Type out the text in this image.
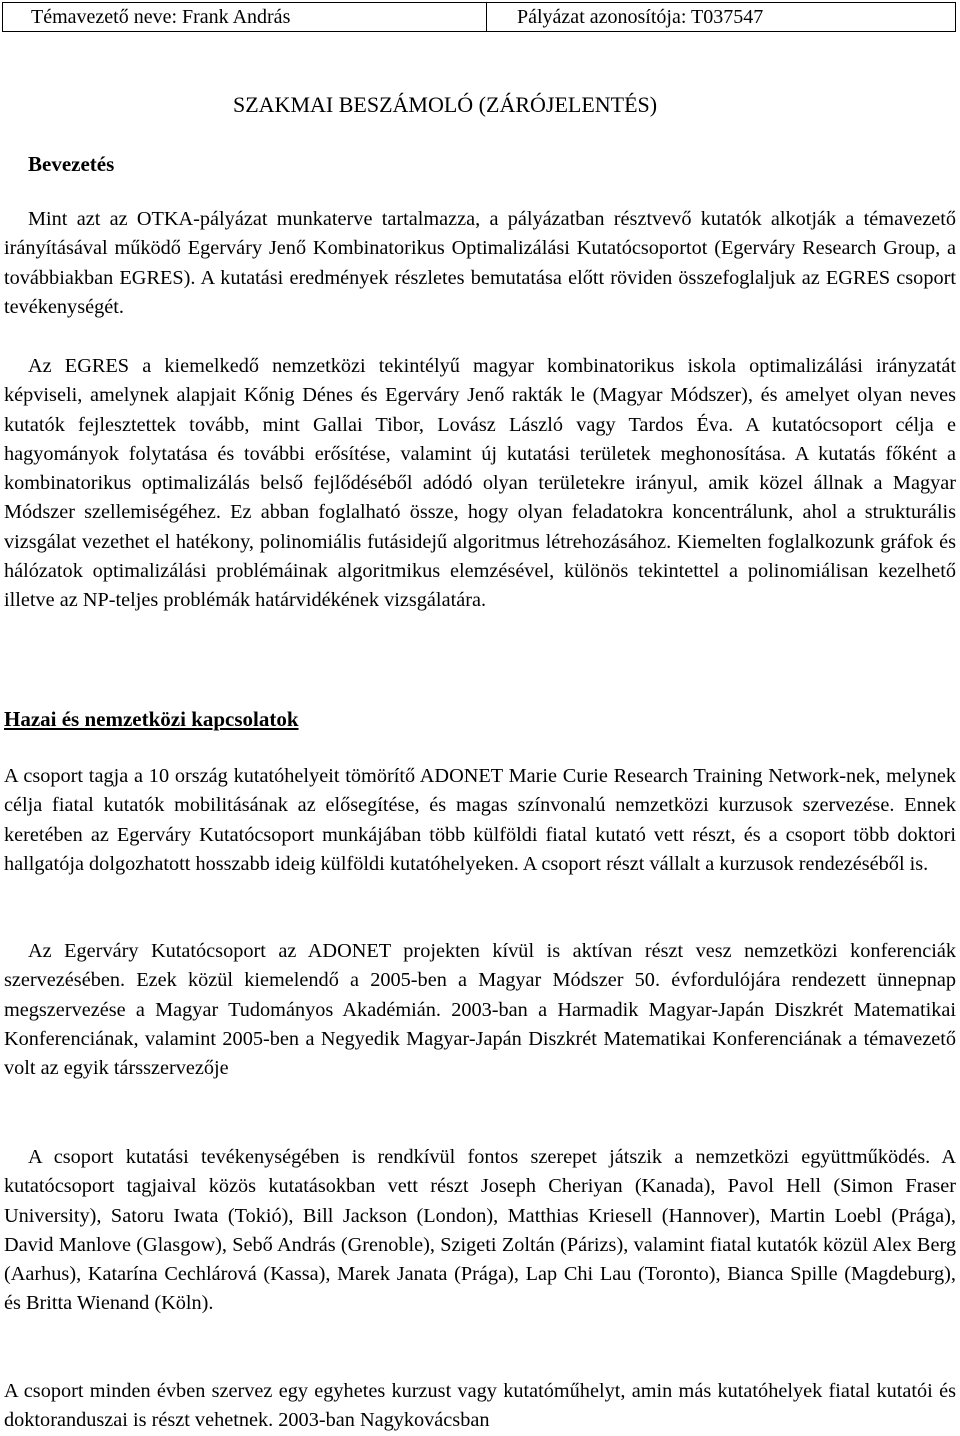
Témavezető neve: Frank András	Pályázat azonosítója: T037547
SZAKMAI BESZÁMOLÓ (ZÁRÓJELENTÉS)
Bevezetés

Mint azt az OTKA-pályázat munkaterve tartalmazza, a pályázatban résztvevő kutatók alkotják a témavezető irányításával működő Egerváry Jenő Kombinatorikus Optimalizálási Kutatócsoportot (Egerváry Research Group, a továbbiakban EGRES). A kutatási eredmények részletes bemutatása előtt röviden összefoglaljuk az EGRES csoport tevékenységét.

Az EGRES a kiemelkedő nemzetközi tekintélyű magyar kombinatorikus iskola optimalizálási irányzatát képviseli, amelynek alapjait Kőnig Dénes és Egerváry Jenő rakták le (Magyar Módszer), és amelyet olyan neves kutatók fejlesztettek tovább, mint Gallai Tibor, Lovász László vagy Tardos Éva. A kutatócsoport célja e hagyományok folytatása és további erősítése, valamint új kutatási területek meghonosítása. A kutatás főként a kombinatorikus optimalizálás belső fejlődéséből adódó olyan területekre irányul, amik közel állnak a Magyar Módszer szellemiségéhez. Ez abban foglalható össze, hogy olyan feladatokra koncentrálunk, ahol a strukturális vizsgálat vezethet el hatékony, polinomiális futásidejű algoritmus létrehozásához. Kiemelten foglalkozunk gráfok és hálózatok optimalizálási problémáinak algoritmikus elemzésével, különös tekintettel a polinomiálisan kezelhető illetve az NP-teljes problémák határvidékének vizsgálatára.

Hazai és nemzetközi kapcsolatok

A csoport tagja a 10 ország kutatóhelyeit tömörítő ADONET Marie Curie Research Training Network-nek, melynek célja fiatal kutatók mobilitásának az elősegítése, és magas színvonalú nemzetközi kurzusok szervezése. Ennek keretében az Egerváry Kutatócsoport munkájában több külföldi fiatal kutató vett részt, és a csoport több doktori hallgatója dolgozhatott hosszabb ideig külföldi kutatóhelyeken. A csoport részt vállalt a kurzusok rendezéséből is.

Az Egerváry Kutatócsoport az ADONET projekten kívül is aktívan részt vesz nemzetközi konferenciák szervezésében. Ezek közül kiemelendő a 2005-ben a Magyar Módszer 50. évfordulójára rendezett ünnepnap megszervezése a Magyar Tudományos Akadémián. 2003-ban a Harmadik Magyar-Japán Diszkrét Matematikai Konferenciának, valamint 2005-ben a Negyedik Magyar-Japán Diszkrét Matematikai Konferenciának a témavezető volt az egyik társszervezője

A csoport kutatási tevékenységében is rendkívül fontos szerepet játszik a nemzetközi együttműködés. A kutatócsoport tagjaival közös kutatásokban vett részt Joseph Cheriyan (Kanada), Pavol Hell (Simon Fraser University), Satoru Iwata (Tokió), Bill Jackson (London), Matthias Kriesell (Hannover), Martin Loebl (Prága), David Manlove (Glasgow), Sebő András (Grenoble), Szigeti Zoltán (Párizs), valamint fiatal kutatók közül Alex Berg (Aarhus), Katarína Cechlárová (Kassa), Marek Janata (Prága), Lap Chi Lau (Toronto), Bianca Spille (Magdeburg), és Britta Wienand (Köln).

A csoport minden évben szervez egy egyhetes kurzust vagy kutatóműhelyt, amin más kutatóhelyek fiatal kutatói és doktoranduszai is részt vehetnek. 2003-ban Nagykovácsban
